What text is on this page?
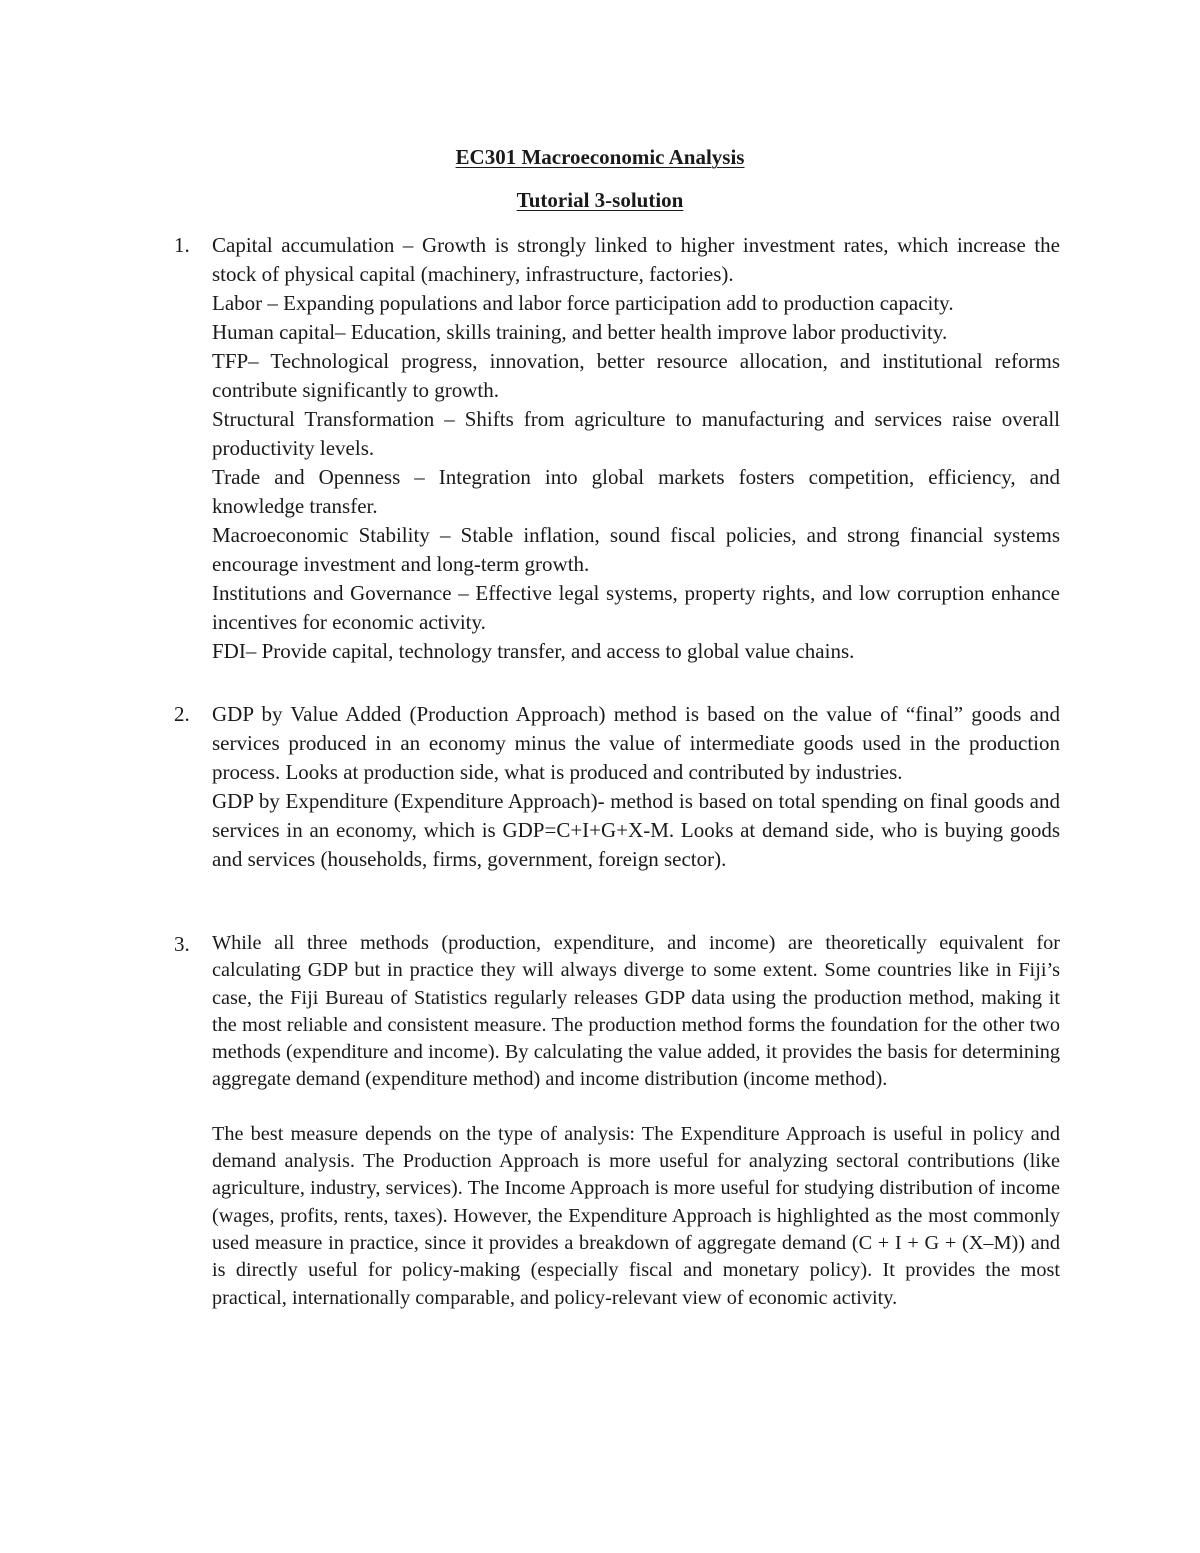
EC301 Macroeconomic Analysis
Tutorial 3-solution
1. Capital accumulation – Growth is strongly linked to higher investment rates, which increase the stock of physical capital (machinery, infrastructure, factories).

Labor – Expanding populations and labor force participation add to production capacity.

Human capital– Education, skills training, and better health improve labor productivity.

TFP– Technological progress, innovation, better resource allocation, and institutional reforms contribute significantly to growth.

Structural Transformation – Shifts from agriculture to manufacturing and services raise overall productivity levels.

Trade and Openness – Integration into global markets fosters competition, efficiency, and knowledge transfer.

Macroeconomic Stability – Stable inflation, sound fiscal policies, and strong financial systems encourage investment and long-term growth.

Institutions and Governance – Effective legal systems, property rights, and low corruption enhance incentives for economic activity.

FDI– Provide capital, technology transfer, and access to global value chains.

2. GDP by Value Added (Production Approach) method is based on the value of “final” goods and services produced in an economy minus the value of intermediate goods used in the production process. Looks at production side, what is produced and contributed by industries.

GDP by Expenditure (Expenditure Approach)- method is based on total spending on final goods and services in an economy, which is GDP=C+I+G+X-M. Looks at demand side, who is buying goods and services (households, firms, government, foreign sector).

3. While all three methods (production, expenditure, and income) are theoretically equivalent for calculating GDP but in practice they will always diverge to some extent. Some countries like in Fiji’s case, the Fiji Bureau of Statistics regularly releases GDP data using the production method, making it the most reliable and consistent measure. The production method forms the foundation for the other two methods (expenditure and income). By calculating the value added, it provides the basis for determining aggregate demand (expenditure method) and income distribution (income method).

The best measure depends on the type of analysis: The Expenditure Approach is useful in policy and demand analysis. The Production Approach is more useful for analyzing sectoral contributions (like agriculture, industry, services). The Income Approach is more useful for studying distribution of income (wages, profits, rents, taxes). However, the Expenditure Approach is highlighted as the most commonly used measure in practice, since it provides a breakdown of aggregate demand (C + I + G + (X–M)) and is directly useful for policy-making (especially fiscal and monetary policy). It provides the most practical, internationally comparable, and policy-relevant view of economic activity.
